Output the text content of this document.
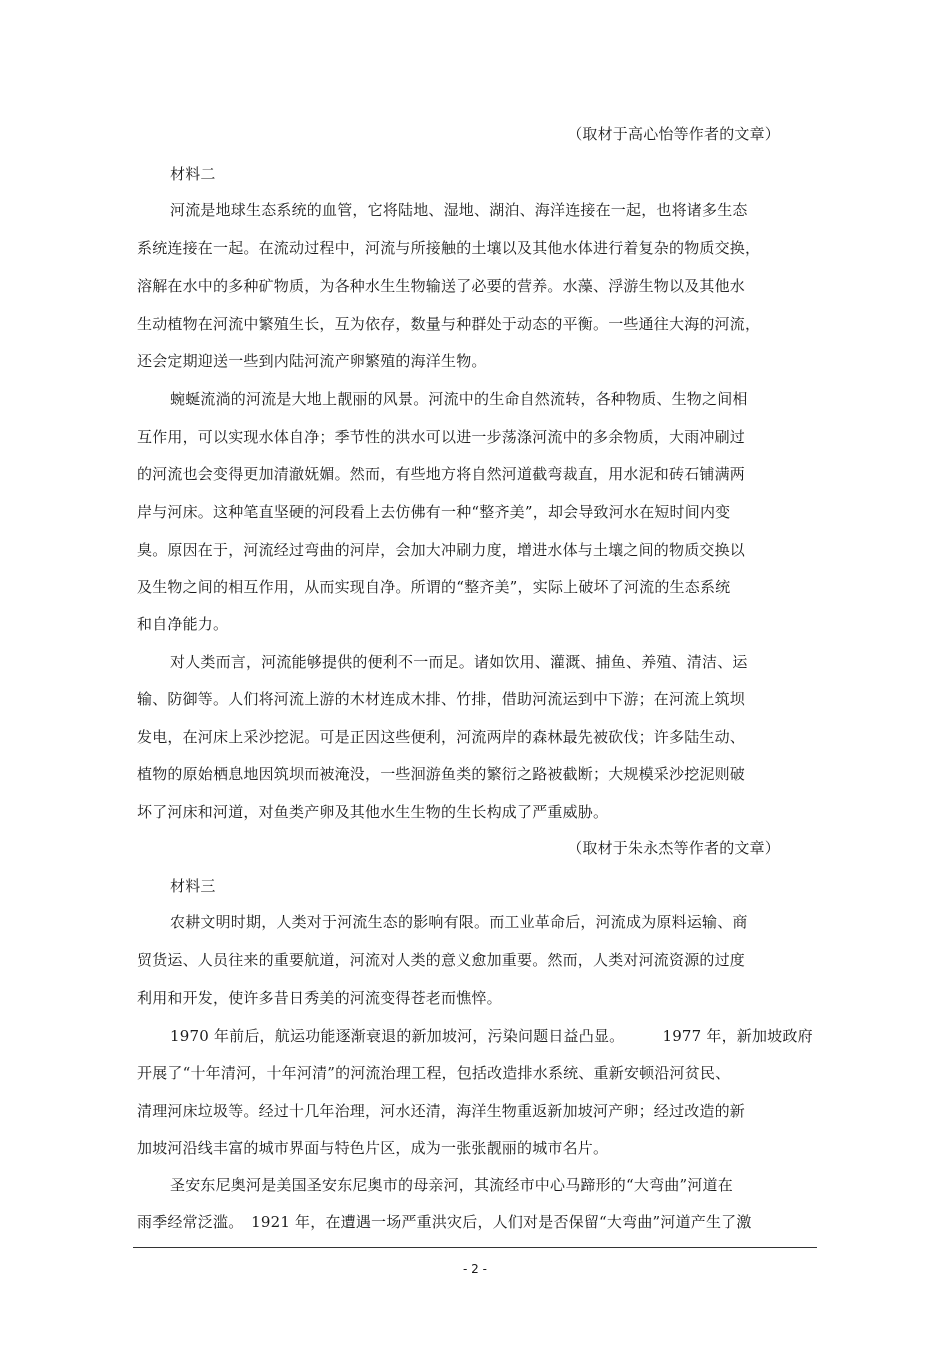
（取材于高心怡等作者的文章）
材料二
河流是地球生态系统的血管，它将陆地、湿地、湖泊、海洋连接在一起，也将诸多生态
系统连接在一起。在流动过程中，河流与所接触的土壤以及其他水体进行着复杂的物质交换，
溶解在水中的多种矿物质，为各种水生生物输送了必要的营养。水藻、浮游生物以及其他水
生动植物在河流中繁殖生长，互为依存，数量与种群处于动态的平衡。一些通往大海的河流，
还会定期迎送一些到内陆河流产卵繁殖的海洋生物。
蜿蜒流淌的河流是大地上靓丽的风景。河流中的生命自然流转，各种物质、生物之间相
互作用，可以实现水体自净；季节性的洪水可以进一步荡涤河流中的多余物质，大雨冲刷过
的河流也会变得更加清澈妩媚。然而，有些地方将自然河道截弯裁直，用水泥和砖石铺满两
岸与河床。这种笔直坚硬的河段看上去仿佛有一种“整齐美”，却会导致河水在短时间内变
臭。原因在于，河流经过弯曲的河岸，会加大冲刷力度，增进水体与土壤之间的物质交换以
及生物之间的相互作用，从而实现自净。所谓的“整齐美”，实际上破坏了河流的生态系统
和自净能力。
对人类而言，河流能够提供的便利不一而足。诸如饮用、灌溉、捕鱼、养殖、清洁、运
输、防御等。人们将河流上游的木材连成木排、竹排，借助河流运到中下游；在河流上筑坝
发电，在河床上采沙挖泥。可是正因这些便利，河流两岸的森林最先被砍伐；许多陆生动、
植物的原始栖息地因筑坝而被淹没，一些洄游鱼类的繁衍之路被截断；大规模采沙挖泥则破
坏了河床和河道，对鱼类产卵及其他水生生物的生长构成了严重威胁。
（取材于朱永杰等作者的文章）
材料三
农耕文明时期，人类对于河流生态的影响有限。而工业革命后，河流成为原料运输、商
贸货运、人员往来的重要航道，河流对人类的意义愈加重要。然而，人类对河流资源的过度
利用和开发，使许多昔日秀美的河流变得苍老而憔悴。
1970 年前后，航运功能逐渐衰退的新加坡河，污染问题日益凸显。　　　1977 年，新加坡政府
开展了“十年清河，十年河清”的河流治理工程，包括改造排水系统、重新安顿沿河贫民、
清理河床垃圾等。经过十几年治理，河水还清，海洋生物重返新加坡河产卵；经过改造的新
加坡河沿线丰富的城市界面与特色片区，成为一张张靓丽的城市名片。
圣安东尼奥河是美国圣安东尼奥市的母亲河，其流经市中心马蹄形的“大弯曲”河道在
雨季经常泛滥。　1921 年，在遭遇一场严重洪灾后，人们对是否保留“大弯曲”河道产生了激
- 2 -
